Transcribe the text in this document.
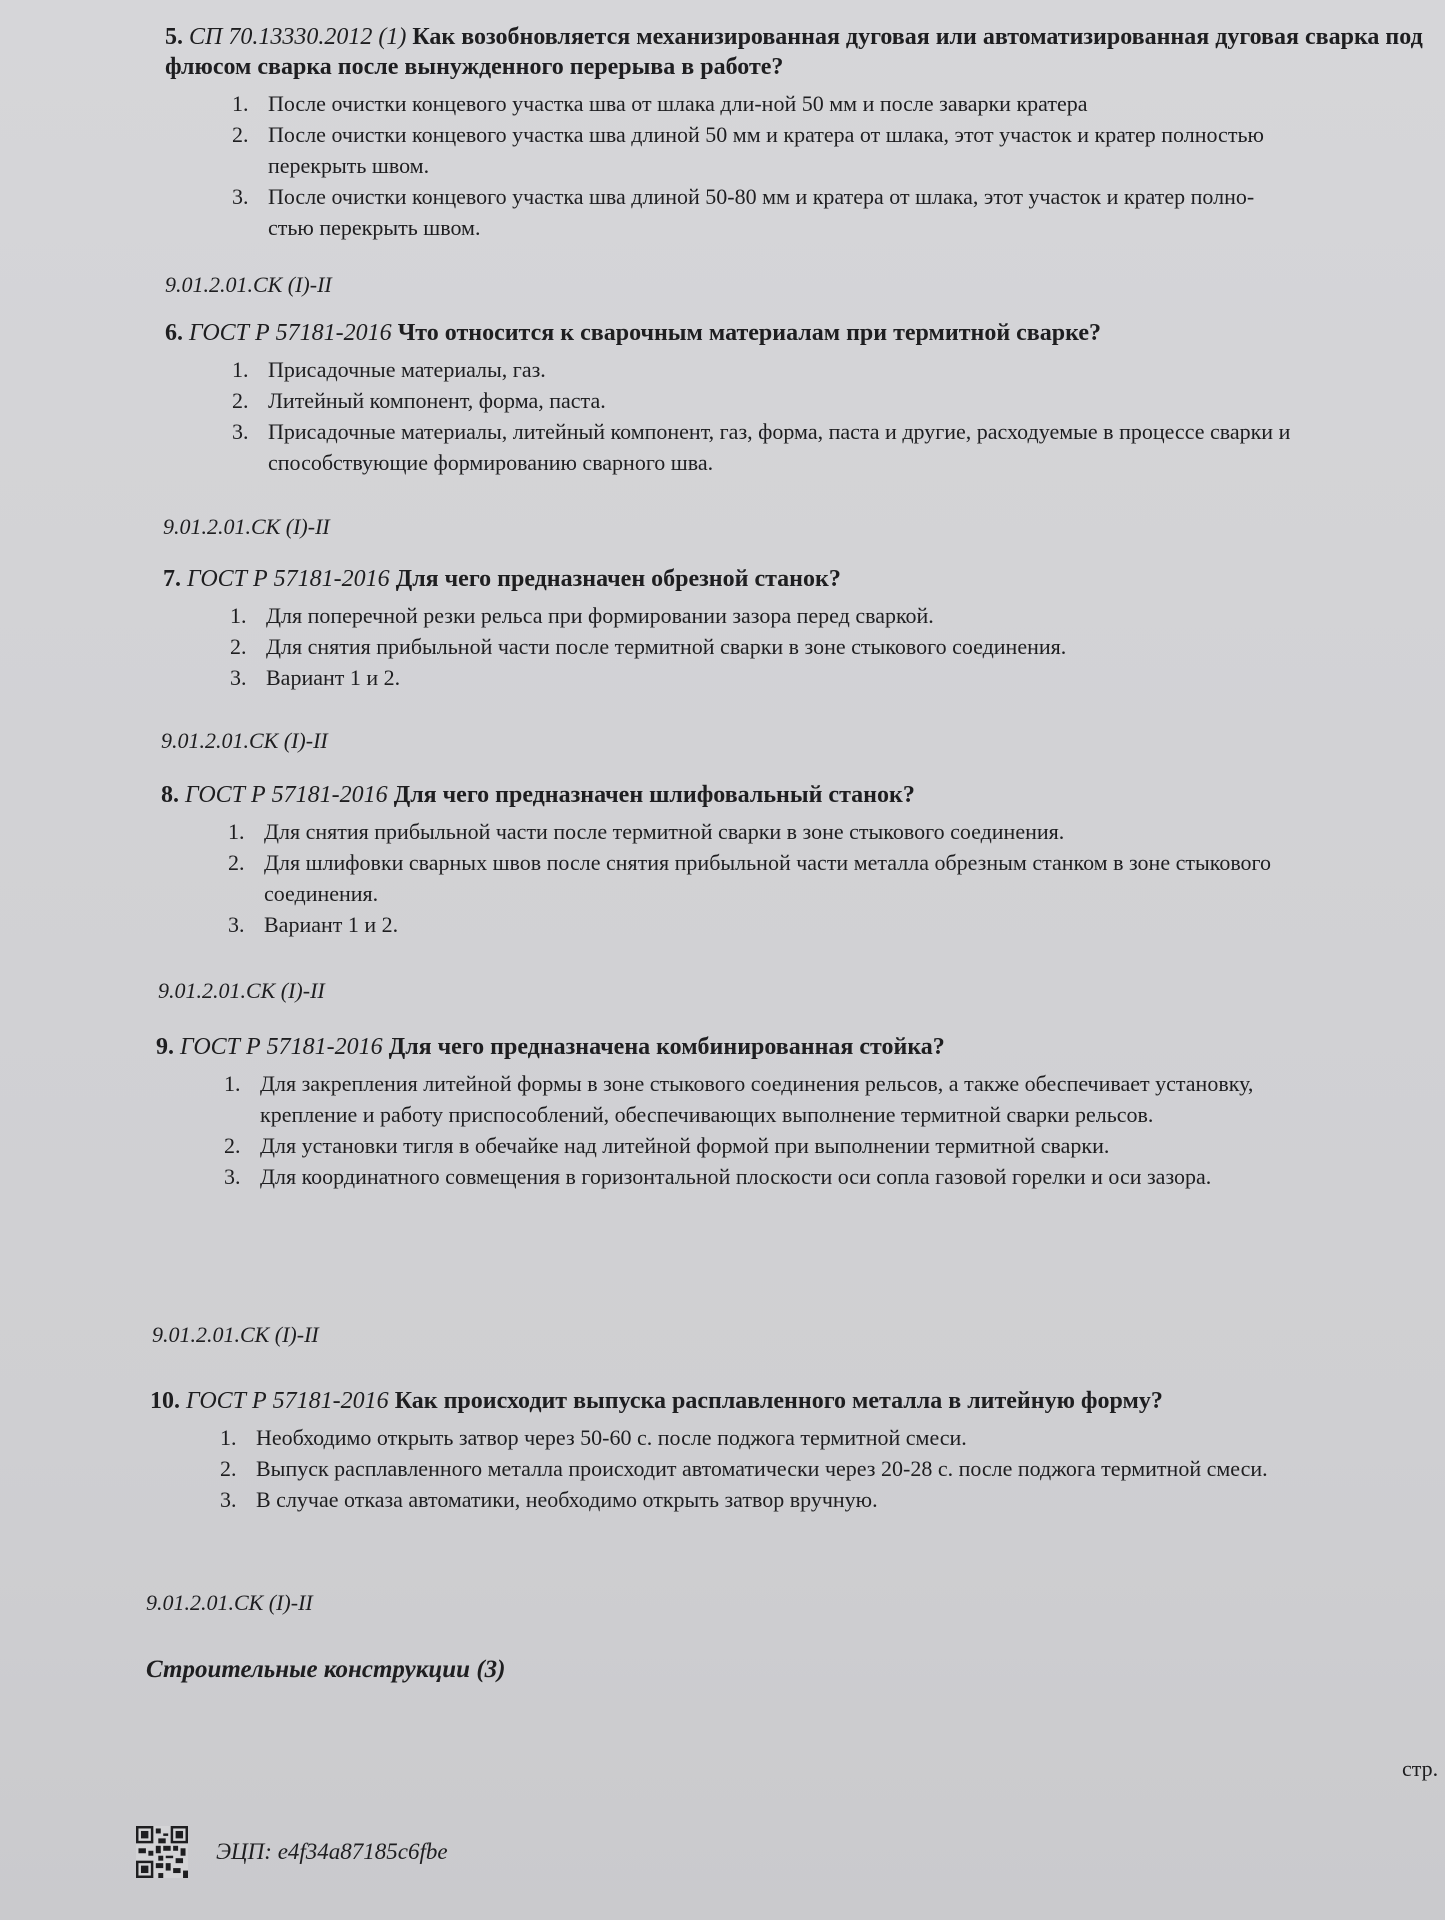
5. СП 70.13330.2012 (1) Как возобновляется механизированная дуговая или автоматизированная дуговая сварка под флюсом сварка после вынужденного перерыва в работе?

1. После очистки концевого участка шва от шлака дли-ной 50 мм и после заварки кратера
2. После очистки концевого участка шва длиной 50 мм и кратера от шлака, этот участок и кратер полностью перекрыть швом.
3. После очистки концевого участка шва длиной 50-80 мм и кратера от шлака, этот участок и кратер полно-стью перекрыть швом.
9.01.2.01.СК (I)-II

6. ГОСТ Р 57181-2016 Что относится к сварочным материалам при термитной сварке?

1. Присадочные материалы, газ.
2. Литейный компонент, форма, паста.
3. Присадочные материалы, литейный компонент, газ, форма, паста и другие, расходуемые в процессе сварки и способствующие формированию сварного шва.
9.01.2.01.СК (I)-II

7. ГОСТ Р 57181-2016 Для чего предназначен обрезной станок?

1. Для поперечной резки рельса при формировании зазора перед сваркой.
2. Для снятия прибыльной части после термитной сварки в зоне стыкового соединения.
3. Вариант 1 и 2.
9.01.2.01.СК (I)-II

8. ГОСТ Р 57181-2016 Для чего предназначен шлифовальный станок?

1. Для снятия прибыльной части после термитной сварки в зоне стыкового соединения.
2. Для шлифовки сварных швов после снятия прибыльной части металла обрезным станком в зоне стыкового соединения.
3. Вариант 1 и 2.
9.01.2.01.СК (I)-II

9. ГОСТ Р 57181-2016 Для чего предназначена комбинированная стойка?

1. Для закрепления литейной формы в зоне стыкового соединения рельсов, а также обеспечивает установку, крепление и работу приспособлений, обеспечивающих выполнение термитной сварки рельсов.
2. Для установки тигля в обечайке над литейной формой при выполнении термитной сварки.
3. Для координатного совмещения в горизонтальной плоскости оси сопла газовой горелки и оси зазора.
9.01.2.01.СК (I)-II

10. ГОСТ Р 57181-2016 Как происходит выпуска расплавленного металла в литейную форму?

1. Необходимо открыть затвор через 50-60 с. после поджога термитной смеси.
2. Выпуск расплавленного металла происходит автоматически через 20-28 с. после поджога термитной смеси.
3. В случае отказа автоматики, необходимо открыть затвор вручную.
9.01.2.01.СК (I)-II
Строительные конструкции (3)
стр.
ЭЦП: e4f34a87185c6fbe
